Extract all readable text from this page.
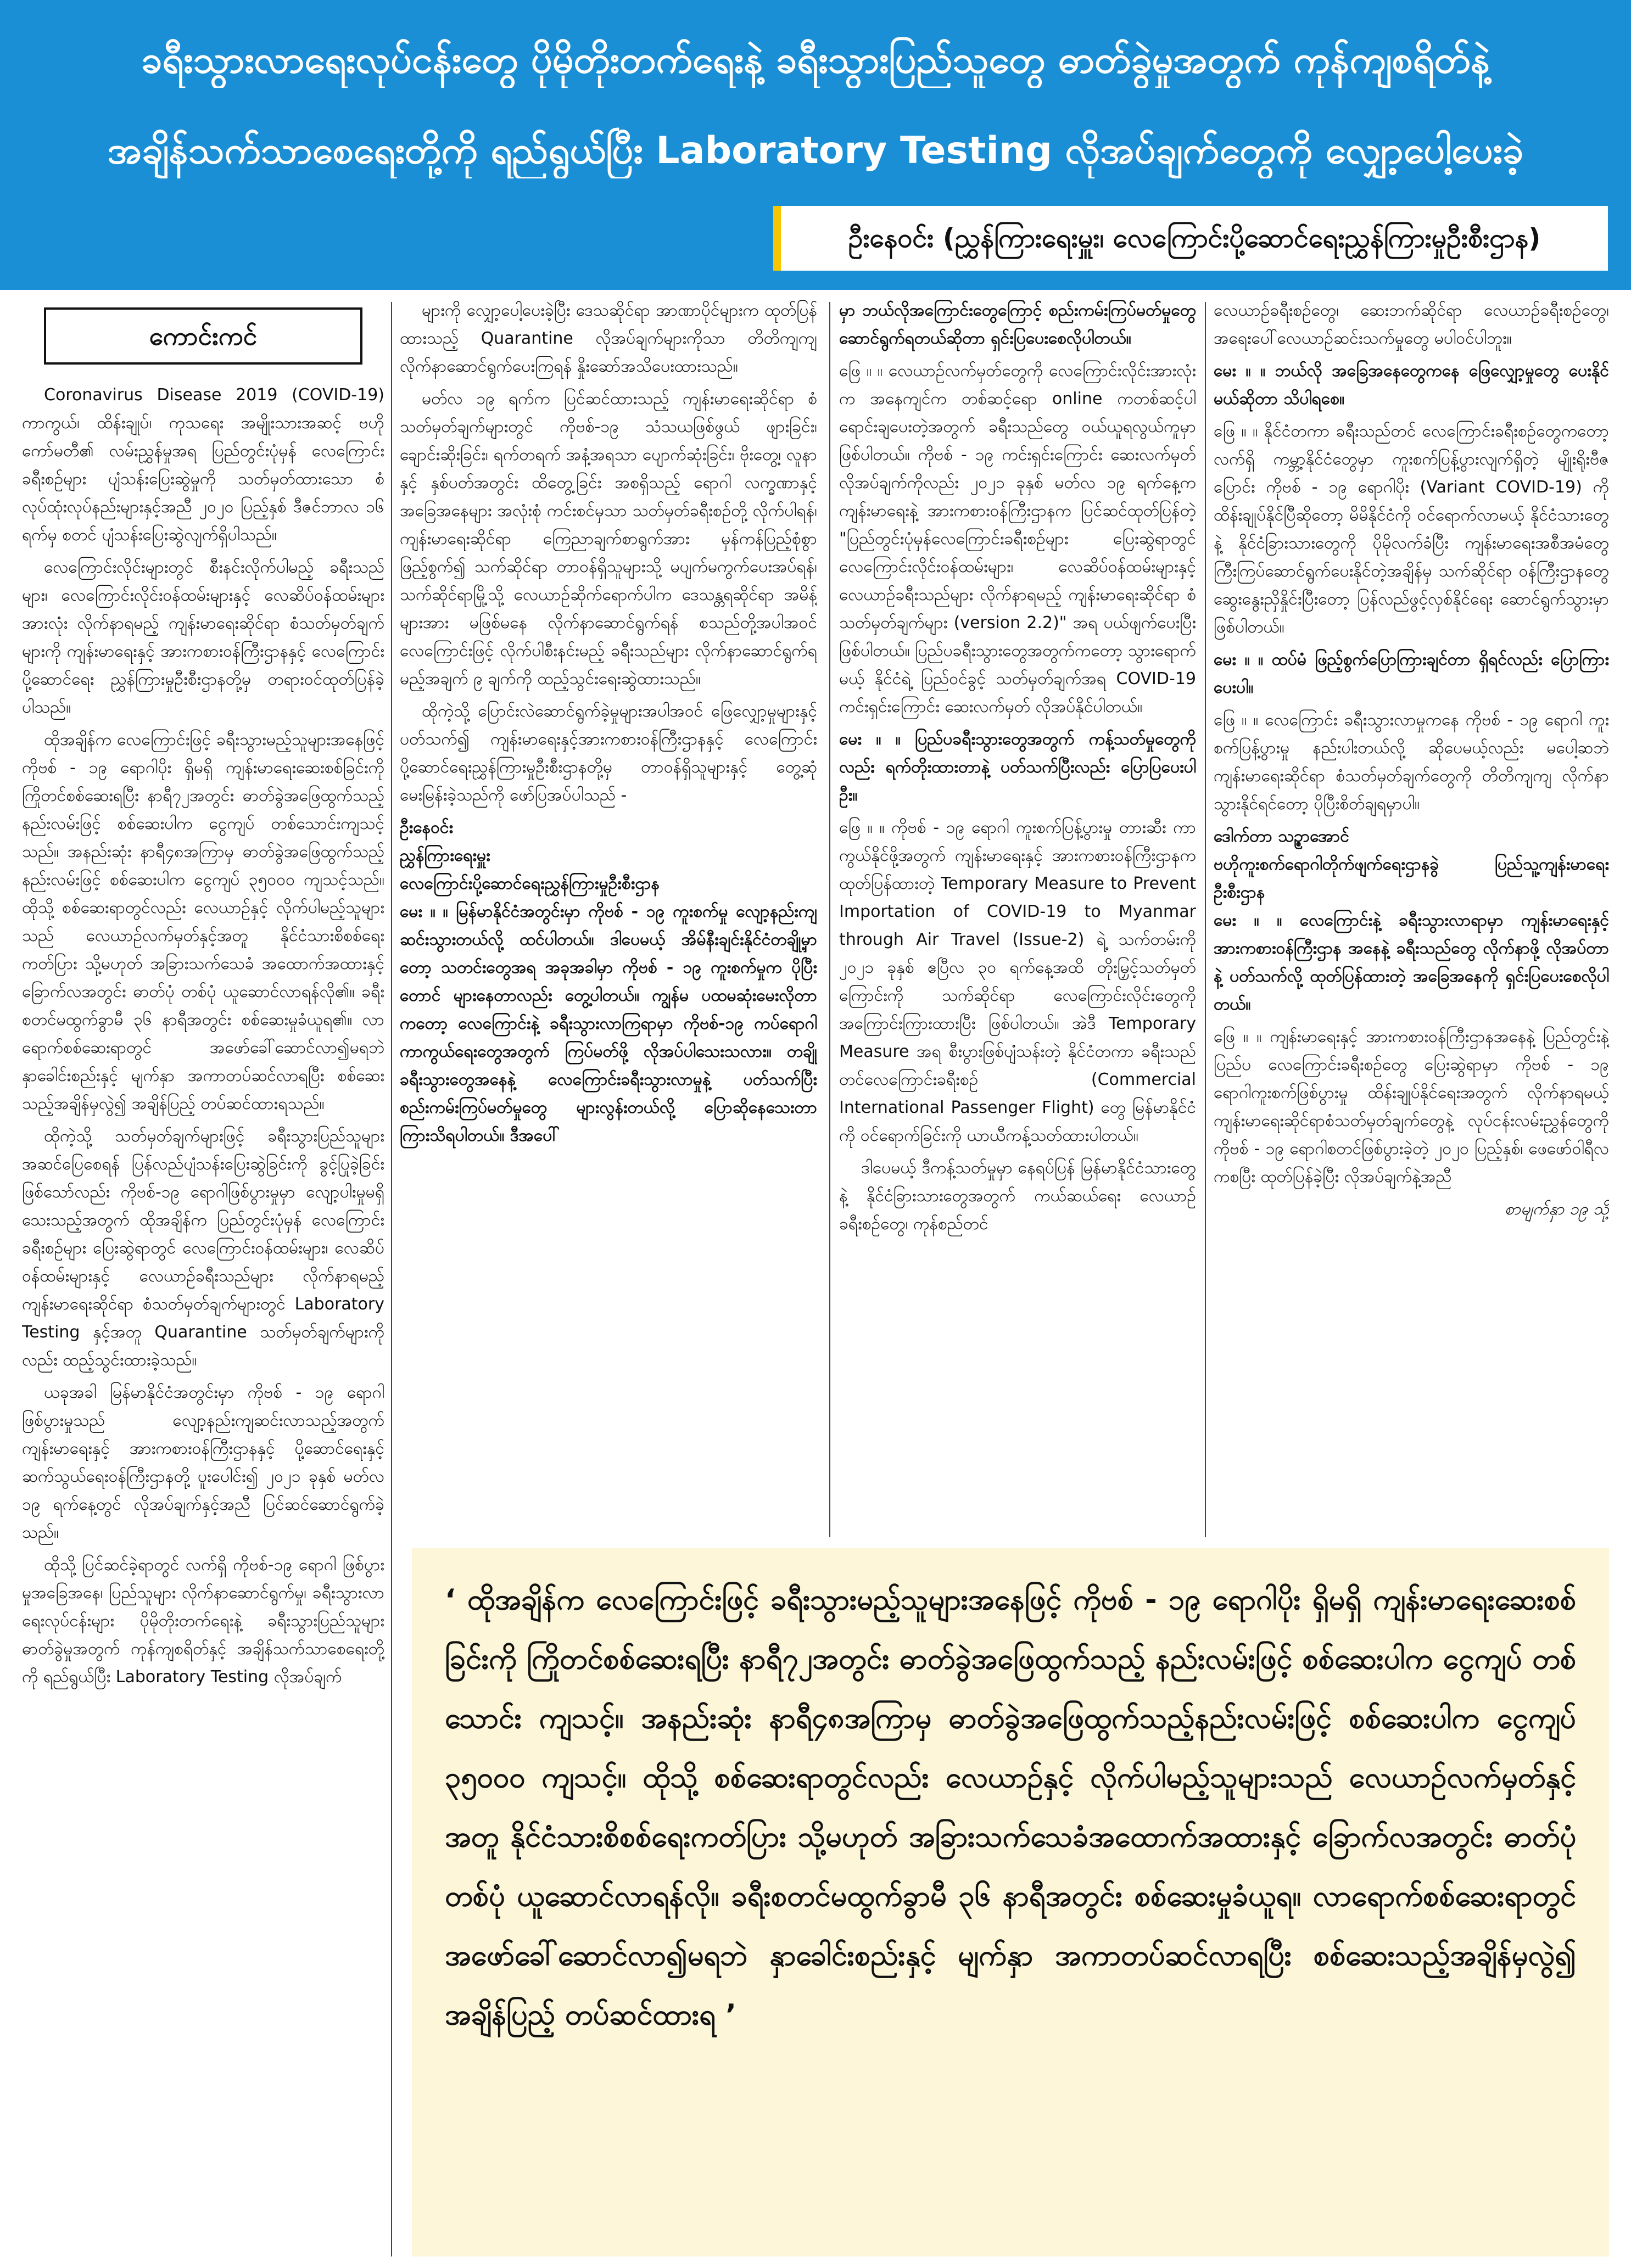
ခရီးသွားလာရေးလုပ်ငန်းတွေ ပိုမိုတိုးတက်ရေးနဲ့ ခရီးသွားပြည်သူတွေ ဓာတ်ခွဲမှုအတွက် ကုန်ကျစရိတ်နဲ့
အချိန်သက်သာစေရေးတို့ကို ရည်ရွယ်ပြီး Laboratory Testing လိုအပ်ချက်တွေကို လျှော့ပေါ့ပေးခဲ့
ဦးနေဝင်း (ညွှန်ကြားရေးမှူး၊ လေကြောင်းပို့ဆောင်ရေးညွှန်ကြားမှုဦးစီးဌာန)
ကောင်းကင်

Coronavirus Disease 2019 (COVID-19) ကာကွယ်၊ ထိန်းချုပ်၊ ကုသရေး အမျိုးသားအဆင့် ဗဟိုကော်မတီ၏ လမ်းညွှန်မှုအရ ပြည်တွင်းပုံမှန် လေကြောင်းခရီးစဉ်များ ပျံသန်းပြေးဆွဲမှုကို သတ်မှတ်ထားသော စံလုပ်ထုံးလုပ်နည်းများနှင့်အညီ ၂၀၂၀ ပြည့်နှစ် ဒီဇင်ဘာလ ၁၆ ရက်မှ စတင် ပျံသန်းပြေးဆွဲလျက်ရှိပါသည်။

လေကြောင်းလိုင်းများတွင် စီးနင်းလိုက်ပါမည့် ခရီးသည်များ၊ လေကြောင်းလိုင်းဝန်ထမ်းများနှင့် လေဆိပ်ဝန်ထမ်းများအားလုံး လိုက်နာရမည့် ကျန်းမာရေးဆိုင်ရာ စံသတ်မှတ်ချက်များကို ကျန်းမာရေးနှင့် အားကစားဝန်ကြီးဌာနနှင့် လေကြောင်းပို့ဆောင်ရေး ညွှန်ကြားမှုဦးစီးဌာနတို့မှ တရားဝင်ထုတ်ပြန်ခဲ့ပါသည်။

ထိုအချိန်က လေကြောင်းဖြင့် ခရီးသွားမည့်သူများအနေဖြင့် ကိုဗစ် - ၁၉ ရောဂါပိုး ရှိမရှိ ကျန်းမာရေးဆေးစစ်ခြင်းကို ကြိုတင်စစ်ဆေးရပြီး နာရီ၇၂အတွင်း ဓာတ်ခွဲအဖြေထွက်သည့်နည်းလမ်းဖြင့် စစ်ဆေးပါက ငွေကျပ် တစ်သောင်းကျသင့်သည်။ အနည်းဆုံး နာရီ၄၈အကြာမှ ဓာတ်ခွဲအဖြေထွက်သည့်နည်းလမ်းဖြင့် စစ်ဆေးပါက ငွေကျပ် ၃၅၀၀၀ ကျသင့်သည်။ ထိုသို့ စစ်ဆေးရာတွင်လည်း လေယာဉ်နှင့် လိုက်ပါမည့်သူများသည် လေယာဉ်လက်မှတ်နှင့်အတူ နိုင်ငံသားစိစစ်ရေးကတ်ပြား သို့မဟုတ် အခြားသက်သေခံ အထောက်အထားနှင့် ခြောက်လအတွင်း ဓာတ်ပုံ တစ်ပုံ ယူဆောင်လာရန်လို၏။ ခရီးစတင်မထွက်ခွာမီ ၃၆ နာရီအတွင်း စစ်ဆေးမှုခံယူရ၏။ လာရောက်စစ်ဆေးရာတွင် အဖော်ခေါ်ဆောင်လာ၍မရဘဲ နှာခေါင်းစည်းနှင့် မျက်နှာ အကာတပ်ဆင်လာရပြီး စစ်ဆေးသည့်အချိန်မှလွဲ၍ အချိန်ပြည့် တပ်ဆင်ထားရသည်။

ထိုကဲ့သို့ သတ်မှတ်ချက်များဖြင့် ခရီးသွားပြည်သူများ အဆင်ပြေစေရန် ပြန်လည်ပျံသန်းပြေးဆွဲခြင်းကို ခွင့်ပြုခဲ့ခြင်းဖြစ်သော်လည်း ကိုဗစ်-၁၉ ရောဂါဖြစ်ပွားမှုမှာ လျော့ပါးမှုမရှိသေးသည့်အတွက် ထိုအချိန်က ပြည်တွင်းပုံမှန် လေကြောင်းခရီးစဉ်များ ပြေးဆွဲရာတွင် လေကြောင်းဝန်ထမ်းများ၊ လေဆိပ်ဝန်ထမ်းများနှင့် လေယာဉ်ခရီးသည်များ လိုက်နာရမည့် ကျန်းမာရေးဆိုင်ရာ စံသတ်မှတ်ချက်များတွင် Laboratory Testing နှင့်အတူ Quarantine သတ်မှတ်ချက်များကိုလည်း ထည့်သွင်းထားခဲ့သည်။

ယခုအခါ မြန်မာနိုင်ငံအတွင်းမှာ ကိုဗစ် - ၁၉ ရောဂါဖြစ်ပွားမှုသည် လျော့နည်းကျဆင်းလာသည့်အတွက် ကျန်းမာရေးနှင့် အားကစားဝန်ကြီးဌာနနှင့် ပို့ဆောင်ရေးနှင့် ဆက်သွယ်ရေးဝန်ကြီးဌာနတို့ ပူးပေါင်း၍ ၂၀၂၁ ခုနှစ် မတ်လ ၁၉ ရက်နေ့တွင် လိုအပ်ချက်နှင့်အညီ ပြင်ဆင်ဆောင်ရွက်ခဲ့သည်။

ထိုသို့ ပြင်ဆင်ခဲ့ရာတွင် လက်ရှိ ကိုဗစ်-၁၉ ရောဂါ ဖြစ်ပွားမှုအခြေအနေ၊ ပြည်သူများ လိုက်နာဆောင်ရွက်မှု၊ ခရီးသွားလာရေးလုပ်ငန်းများ ပိုမိုတိုးတက်ရေးနဲ့ ခရီးသွားပြည်သူများ ဓာတ်ခွဲမှုအတွက် ကုန်ကျစရိတ်နှင့် အချိန်သက်သာစေရေးတို့ကို ရည်ရွယ်ပြီး Laboratory Testing လိုအပ်ချက်

များကို လျှော့ပေါ့ပေးခဲ့ပြီး ဒေသဆိုင်ရာ အာဏာပိုင်များက ထုတ်ပြန်ထားသည့် Quarantine လိုအပ်ချက်များကိုသာ တိတိကျကျ လိုက်နာဆောင်ရွက်ပေးကြရန် နှိုးဆော်အသိပေးထားသည်။

မတ်လ ၁၉ ရက်က ပြင်ဆင်ထားသည့် ကျန်းမာရေးဆိုင်ရာ စံသတ်မှတ်ချက်များတွင် ကိုဗစ်-၁၉ သံသယဖြစ်ဖွယ် ဖျားခြင်း၊ ချောင်းဆိုးခြင်း၊ ရက်တရက် အနံ့အရသာ ပျောက်ဆုံးခြင်း၊ ဗိုးတွေ့၊ လူနာနှင့် နှစ်ပတ်အတွင်း ထိတွေ့ခြင်း အစရှိသည့် ရောဂါ လက္ခဏာနှင့် အခြေအနေများ အလုံးစုံ ကင်းစင်မှသာ သတ်မှတ်ခရီးစဉ်တို့ လိုက်ပါရန်၊ ကျန်းမာရေးဆိုင်ရာ ကြေညာချက်စာရွက်အား မှန်ကန်ပြည့်စုံစွာ ဖြည့်စွက်၍ သက်ဆိုင်ရာ တာဝန်ရှိသူများသို့ မပျက်မကွက်ပေးအပ်ရန်၊ သက်ဆိုင်ရာမြို့သို့ လေယာဉ်ဆိုက်ရောက်ပါက ဒေသန္တရဆိုင်ရာ အမိန့်များအား မဖြစ်မနေ လိုက်နာဆောင်ရွက်ရန် စသည်တို့အပါအဝင် လေကြောင်းဖြင့် လိုက်ပါစီးနင်းမည့် ခရီးသည်များ လိုက်နာဆောင်ရွက်ရမည့်အချက် ၉ ချက်ကို ထည့်သွင်းရေးဆွဲထားသည်။

ထိုကဲ့သို့ ပြောင်းလဲဆောင်ရွက်ခဲ့မှုများအပါအဝင် ဖြေလျှော့မှုများနှင့် ပတ်သက်၍ ကျန်းမာရေးနှင့်အားကစားဝန်ကြီးဌာနနှင့် လေကြောင်းပို့ဆောင်ရေးညွှန်ကြားမှုဦးစီးဌာနတို့မှ တာဝန်ရှိသူများနှင့် တွေ့ဆုံ မေးမြန်းခဲ့သည်ကို ဖော်ပြအပ်ပါသည် -

ဦးနေဝင်း

ညွှန်ကြားရေးမှူး

လေကြောင်းပို့ဆောင်ရေးညွှန်ကြားမှုဦးစီးဌာန

မေး ။ ။ မြန်မာနိုင်ငံအတွင်းမှာ ကိုဗစ် - ၁၉ ကူးစက်မှု လျော့နည်းကျဆင်းသွားတယ်လို့ ထင်ပါတယ်။ ဒါပေမယ့် အိမ်နီးချင်းနိုင်ငံတချို့မှာတော့ သတင်းတွေအရ အခုအခါမှာ ကိုဗစ် - ၁၉ ကူးစက်မှုက ပိုပြီးတောင် များနေတာလည်း တွေ့ပါတယ်။ ကျွန်မ ပထမဆုံးမေးလိုတာကတော့ လေကြောင်းနဲ့ ခရီးသွားလာကြရာမှာ ကိုဗစ်-၁၉ ကပ်ရောဂါကာကွယ်ရေးတွေအတွက် ကြပ်မတ်ဖို့ လိုအပ်ပါသေးသလား။ တချို့ခရီးသွားတွေအနေနဲ့ လေကြောင်းခရီးသွားလာမှုနဲ့ ပတ်သက်ပြီး စည်းကမ်းကြပ်မတ်မှုတွေ များလွန်းတယ်လို့ ပြောဆိုနေသေးတာ ကြားသိရပါတယ်။ ဒီအပေါ်

မှာ ဘယ်လိုအကြောင်းတွေကြောင့် စည်းကမ်းကြပ်မတ်မှုတွေ ဆောင်ရွက်ရတယ်ဆိုတာ ရှင်းပြပေးစေလိုပါတယ်။

ဖြေ ။ ။ လေယာဉ်လက်မှတ်တွေကို လေကြောင်းလိုင်းအားလုံးက အနေကျင်က တစ်ဆင့်ရော online ကတစ်ဆင့်ပါ ရောင်းချပေးတဲ့အတွက် ခရီးသည်တွေ ဝယ်ယူရလွယ်ကူမှာ ဖြစ်ပါတယ်။ ကိုဗစ် - ၁၉ ကင်းရှင်းကြောင်း ဆေးလက်မှတ်လိုအပ်ချက်ကိုလည်း ၂၀၂၁ ခုနှစ် မတ်လ ၁၉ ရက်နေ့က ကျန်းမာရေးနဲ့ အားကစားဝန်ကြီးဌာနက ပြင်ဆင်ထုတ်ပြန်တဲ့ "ပြည်တွင်းပုံမှန်လေကြောင်းခရီးစဉ်များ ပြေးဆွဲရာတွင် လေကြောင်းလိုင်းဝန်ထမ်းများ၊ လေဆိပ်ဝန်ထမ်းများနှင့် လေယာဉ်ခရီးသည်များ လိုက်နာရမည့် ကျန်းမာရေးဆိုင်ရာ စံသတ်မှတ်ချက်များ (version 2.2)" အရ ပယ်ဖျက်ပေးပြီး ဖြစ်ပါတယ်။ ပြည်ပခရီးသွားတွေအတွက်ကတော့ သွားရောက်မယ့် နိုင်ငံရဲ့ ပြည်ဝင်ခွင့် သတ်မှတ်ချက်အရ COVID-19 ကင်းရှင်းကြောင်း ဆေးလက်မှတ် လိုအပ်နိုင်ပါတယ်။

မေး ။ ။ ပြည်ပခရီးသွားတွေအတွက် ကန့်သတ်မှုတွေကိုလည်း ရက်တိုးထားတာနဲ့ ပတ်သက်ပြီးလည်း ပြောပြပေးပါဦး။

ဖြေ ။ ။ ကိုဗစ် - ၁၉ ရောဂါ ကူးစက်ပြန့်ပွားမှု တားဆီး ကာကွယ်နိုင်ဖို့အတွက် ကျန်းမာရေးနှင့် အားကစားဝန်ကြီးဌာနက ထုတ်ပြန်ထားတဲ့ Temporary Measure to Prevent Importation of COVID-19 to Myanmar through Air Travel (Issue-2) ရဲ့ သက်တမ်းကို ၂၀၂၁ ခုနှစ် ဧပြီလ ၃၀ ရက်နေ့အထိ တိုးမြှင့်သတ်မှတ်ကြောင်းကို သက်ဆိုင်ရာ လေကြောင်းလိုင်းတွေကို အကြောင်းကြားထားပြီး ဖြစ်ပါတယ်။ အဲဒီ Temporary Measure အရ စီးပွားဖြစ်ပျံသန်းတဲ့ နိုင်ငံတကာ ခရီးသည်တင်လေကြောင်းခရီးစဉ် (Commercial International Passenger Flight) တွေ မြန်မာနိုင်ငံကို ဝင်ရောက်ခြင်းကို ယာယီကန့်သတ်ထားပါတယ်။

ဒါပေမယ့် ဒီကန့်သတ်မှုမှာ နေရပ်ပြန် မြန်မာနိုင်ငံသားတွေနဲ့ နိုင်ငံခြားသားတွေအတွက် ကယ်ဆယ်ရေး လေယာဉ်ခရီးစဉ်တွေ၊ ကုန်စည်တင်

လေယာဉ်ခရီးစဉ်တွေ၊ ဆေးဘက်ဆိုင်ရာ လေယာဉ်ခရီးစဉ်တွေ၊ အရေးပေါ်လေယာဉ်ဆင်းသက်မှုတွေ မပါဝင်ပါဘူး။

မေး ။ ။ ဘယ်လို အခြေအနေတွေကနေ ဖြေလျှော့မှုတွေ ပေးနိုင်မယ်ဆိုတာ သိပါရစေ။

ဖြေ ။ ။ နိုင်ငံတကာ ခရီးသည်တင် လေကြောင်းခရီးစဉ်တွေကတော့ လက်ရှိ ကမ္ဘာ့နိုင်ငံတွေမှာ ကူးစက်ပြန့်ပွားလျက်ရှိတဲ့ မျိုးရိုးဗီဇပြောင်း ကိုဗစ် - ၁၉ ရောဂါပိုး (Variant COVID-19) ကို ထိန်းချုပ်နိုင်ပြီဆိုတော့ မိမိနိုင်ငံကို ဝင်ရောက်လာမယ့် နိုင်ငံသားတွေနဲ့ နိုင်ငံခြားသားတွေကို ပိုမိုလက်ခံပြီး ကျန်းမာရေးအစီအမံတွေ ကြီးကြပ်ဆောင်ရွက်ပေးနိုင်တဲ့အချိန်မှ သက်ဆိုင်ရာ ဝန်ကြီးဌာနတွေ ဆွေးနွေးညှိနှိုင်းပြီးတော့ ပြန်လည်ဖွင့်လှစ်နိုင်ရေး ဆောင်ရွက်သွားမှာ ဖြစ်ပါတယ်။

မေး ။ ။ ထပ်မံ ဖြည့်စွက်ပြောကြားချင်တာ ရှိရင်လည်း ပြောကြားပေးပါ။

ဖြေ ။ ။ လေကြောင်း ခရီးသွားလာမှုကနေ ကိုဗစ် - ၁၉ ရောဂါ ကူးစက်ပြန့်ပွားမှု နည်းပါးတယ်လို့ ဆိုပေမယ့်လည်း မပေါ့ဆဘဲ ကျန်းမာရေးဆိုင်ရာ စံသတ်မှတ်ချက်တွေကို တိတိကျကျ လိုက်နာသွားနိုင်ရင်တော့ ပိုပြီးစိတ်ချရမှာပါ။

ဒေါက်တာ သဥ္စာအောင်

ဗဟိုကူးစက်ရောဂါတိုက်ဖျက်ရေးဌာနခွဲ ပြည်သူ့ကျန်းမာရေးဦးစီးဌာန

မေး ။ ။ လေကြောင်းနဲ့ ခရီးသွားလာရာမှာ ကျန်းမာရေးနှင့် အားကစားဝန်ကြီးဌာန အနေနဲ့ ခရီးသည်တွေ လိုက်နာဖို့ လိုအပ်တာနဲ့ ပတ်သက်လို့ ထုတ်ပြန်ထားတဲ့ အခြေအနေကို ရှင်းပြပေးစေလိုပါတယ်။

ဖြေ ။ ။ ကျန်းမာရေးနှင့် အားကစားဝန်ကြီးဌာနအနေနဲ့ ပြည်တွင်းနဲ့ ပြည်ပ လေကြောင်းခရီးစဉ်တွေ ပြေးဆွဲရာမှာ ကိုဗစ် - ၁၉ ရောဂါကူးစက်ဖြစ်ပွားမှု ထိန်းချုပ်နိုင်ရေးအတွက် လိုက်နာရမယ့် ကျန်းမာရေးဆိုင်ရာစံသတ်မှတ်ချက်တွေနဲ့ လုပ်ငန်းလမ်းညွှန်တွေကို ကိုဗစ် - ၁၉ ရောဂါစတင်ဖြစ်ပွားခဲ့တဲ့ ၂၀၂၀ ပြည့်နှစ်၊ ဖေဖော်ဝါရီလကစပြီး ထုတ်ပြန်ခဲ့ပြီး လိုအပ်ချက်နဲ့အညီ

စာမျက်နှာ ၁၉ သို့

‘ ထိုအချိန်က လေကြောင်းဖြင့် ခရီးသွားမည့်သူများအနေဖြင့် ကိုဗစ် - ၁၉ ရောဂါပိုး ရှိမရှိ ကျန်းမာရေးဆေးစစ်ခြင်းကို ကြိုတင်စစ်ဆေးရပြီး နာရီ၇၂အတွင်း ဓာတ်ခွဲအဖြေထွက်သည့် နည်းလမ်းဖြင့် စစ်ဆေးပါက ငွေကျပ် တစ်သောင်း ကျသင့်။ အနည်းဆုံး နာရီ၄၈အကြာမှ ဓာတ်ခွဲအဖြေထွက်သည့်နည်းလမ်းဖြင့် စစ်ဆေးပါက ငွေကျပ် ၃၅၀၀၀ ကျသင့်။ ထိုသို့ စစ်ဆေးရာတွင်လည်း လေယာဉ်နှင့် လိုက်ပါမည့်သူများသည် လေယာဉ်လက်မှတ်နှင့်အတူ နိုင်ငံသားစိစစ်ရေးကတ်ပြား သို့မဟုတ် အခြားသက်သေခံအထောက်အထားနှင့် ခြောက်လအတွင်း ဓာတ်ပုံတစ်ပုံ ယူဆောင်လာရန်လို။ ခရီးစတင်မထွက်ခွာမီ ၃၆ နာရီအတွင်း စစ်ဆေးမှုခံယူရ။ လာရောက်စစ်ဆေးရာတွင် အဖော်ခေါ်ဆောင်လာ၍မရဘဲ နှာခေါင်းစည်းနှင့် မျက်နှာ အကာတပ်ဆင်လာရပြီး စစ်ဆေးသည့်အချိန်မှလွဲ၍ အချိန်ပြည့် တပ်ဆင်ထားရ ’
